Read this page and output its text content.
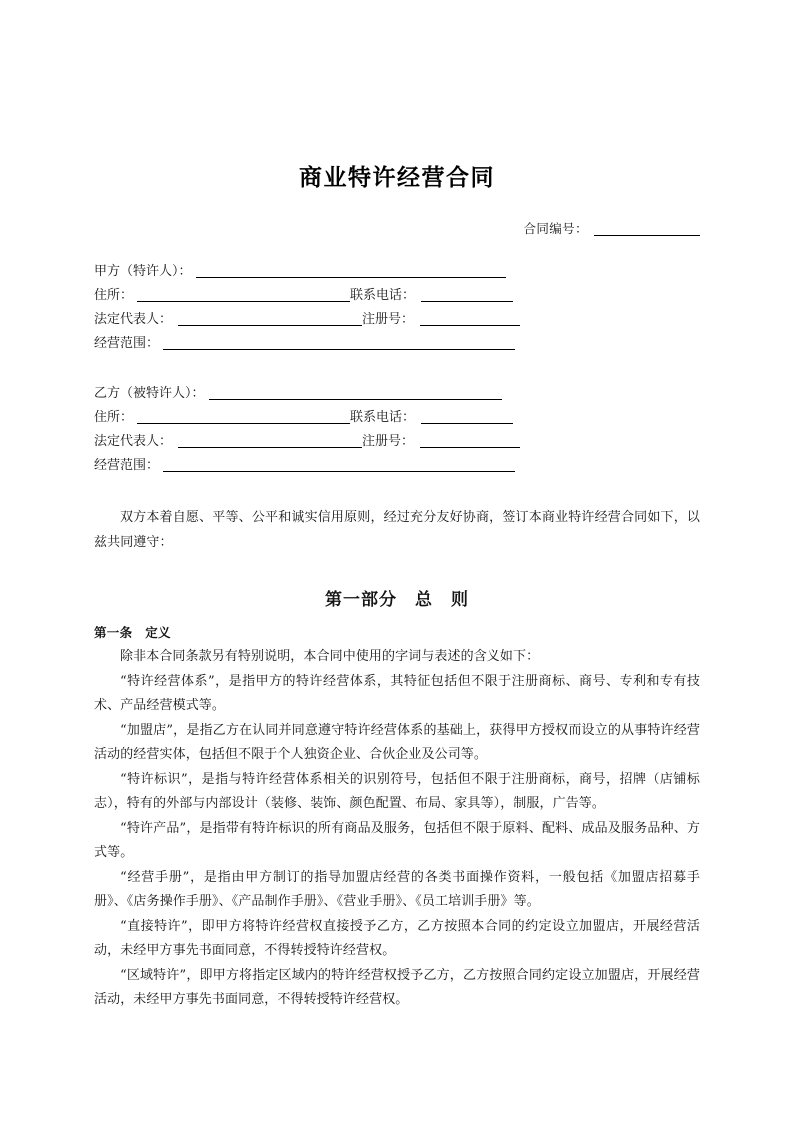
商业特许经营合同
合同编号：
甲方（特许人）：
住所：	联系电话：
法定代表人：	注册号：
经营范围：
乙方（被特许人）：
住所：	联系电话：
法定代表人：	注册号：
经营范围：

双方本着自愿、平等、公平和诚实信用原则，经过充分友好协商，签订本商业特许经营合同如下，以兹共同遵守：

第一部分　总　则
第一条　定义

除非本合同条款另有特别说明，本合同中使用的字词与表述的含义如下：

“特许经营体系”，是指甲方的特许经营体系，其特征包括但不限于注册商标、商号、专利和专有技术、产品经营模式等。

“加盟店”，是指乙方在认同并同意遵守特许经营体系的基础上，获得甲方授权而设立的从事特许经营活动的经营实体，包括但不限于个人独资企业、合伙企业及公司等。

“特许标识”，是指与特许经营体系相关的识别符号，包括但不限于注册商标，商号，招牌（店铺标志），特有的外部与内部设计（装修、装饰、颜色配置、布局、家具等），制服，广告等。

“特许产品”，是指带有特许标识的所有商品及服务，包括但不限于原料、配料、成品及服务品种、方式等。

“经营手册”，是指由甲方制订的指导加盟店经营的各类书面操作资料，一般包括《加盟店招募手册》、《店务操作手册》、《产品制作手册》、《营业手册》、《员工培训手册》等。

“直接特许”，即甲方将特许经营权直接授予乙方，乙方按照本合同的约定设立加盟店，开展经营活动，未经甲方事先书面同意，不得转授特许经营权。

“区域特许”，即甲方将指定区域内的特许经营权授予乙方，乙方按照合同约定设立加盟店，开展经营活动，未经甲方事先书面同意，不得转授特许经营权。
